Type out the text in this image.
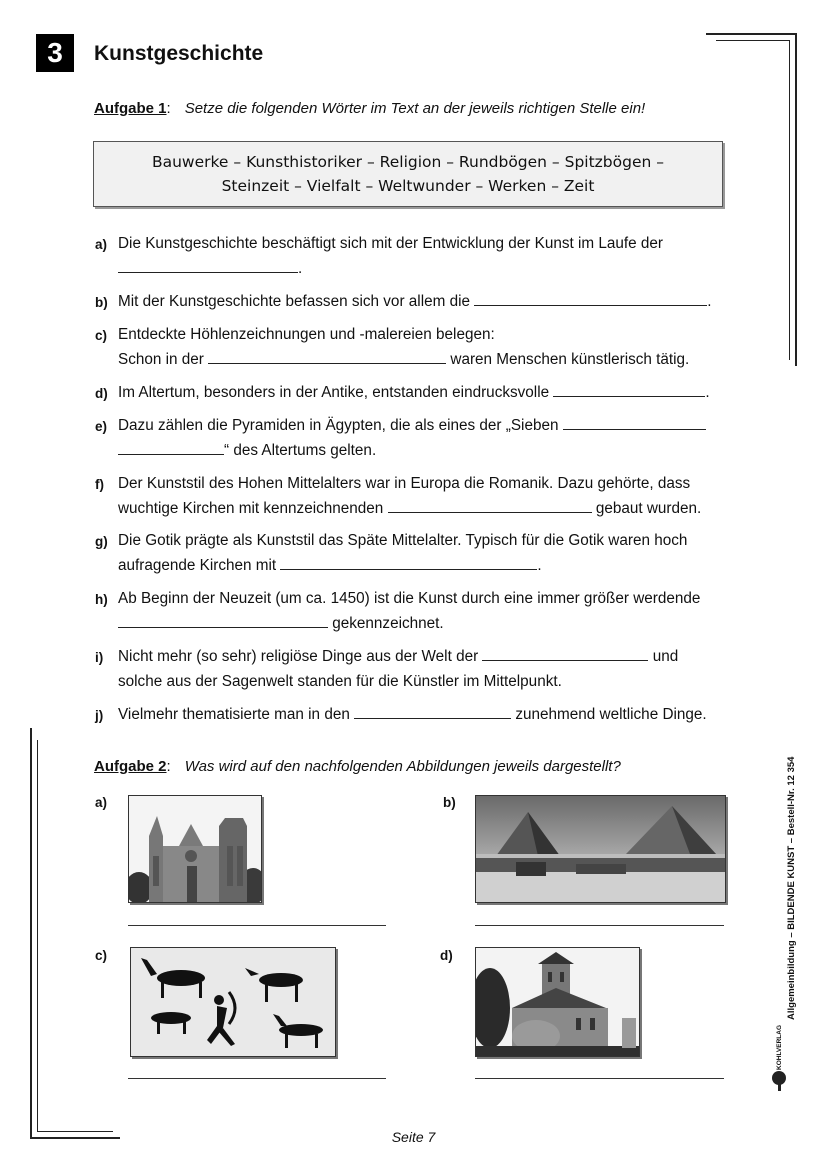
3	Kunstgeschichte
Aufgabe 1: Setze die folgenden Wörter im Text an der jeweils richtigen Stelle ein!
Bauwerke – Kunsthistoriker – Religion – Rundbögen – Spitzbögen –
Steinzeit – Vielfalt – Weltwunder – Werken – Zeit
a) Die Kunstgeschichte beschäftigt sich mit der Entwicklung der Kunst im Laufe der
.
b) Mit der Kunstgeschichte befassen sich vor allem die	.
c) Entdeckte Höhlenzeichnungen und -malereien belegen:
Schon in der	waren Menschen künstlerisch tätig.
d) Im Altertum, besonders in der Antike, entstanden eindrucksvolle	.
e) Dazu zählen die Pyramiden in Ägypten, die als eines der „Sieben
“ des Altertums gelten.
f) Der Kunststil des Hohen Mittelalters war in Europa die Romanik. Dazu gehörte, dass
wuchtige Kirchen mit kennzeichnenden	gebaut wurden.
g) Die Gotik prägte als Kunststil das Späte Mittelalter. Typisch für die Gotik waren hoch
aufragende Kirchen mit	.
h) Ab Beginn der Neuzeit (um ca. 1450) ist die Kunst durch eine immer größer werdende
gekennzeichnet.
i) Nicht mehr (so sehr) religiöse Dinge aus der Welt der	und
solche aus der Sagenwelt standen für die Künstler im Mittelpunkt.
j) Vielmehr thematisierte man in den	zunehmend weltliche Dinge.
Aufgabe 2: Was wird auf den nachfolgenden Abbildungen jeweils dargestellt?
a)	b)
c)	d)	Allgemeinbildung – BILDENDE KUNST – Bestell-Nr. 12 354
KOHLVERLAG
Seite 7
